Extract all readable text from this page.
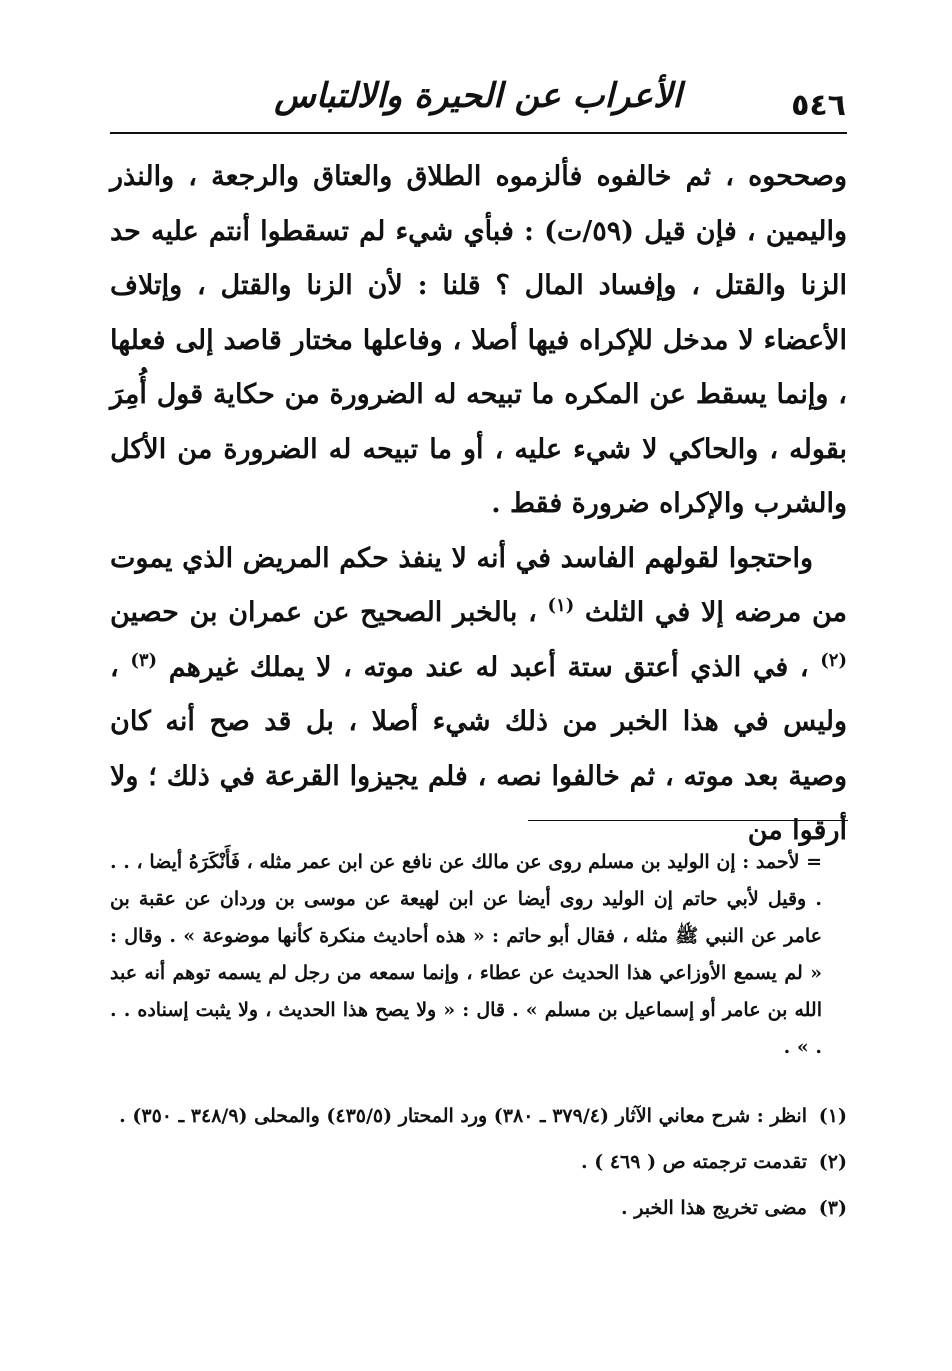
الأعراب عن الحيرة والالتباس	٥٤٦

وصححوه ، ثم خالفوه فألزموه الطلاق والعتاق والرجعة ، والنذر واليمين ، فإن قيل (٥٩/ت) : فبأي شيء لم تسقطوا أنتم عليه حد الزنا والقتل ، وإفساد المال ؟ قلنا : لأن الزنا والقتل ، وإتلاف الأعضاء لا مدخل للإكراه فيها أصلا ، وفاعلها مختار قاصد إلى فعلها ، وإنما يسقط عن المكره ما تبيحه له الضرورة من حكاية قول أُمِرَ بقوله ، والحاكي لا شيء عليه ، أو ما تبيحه له الضرورة من الأكل والشرب والإكراه ضرورة فقط .

واحتجوا لقولهم الفاسد في أنه لا ينفذ حكم المريض الذي يموت من مرضه إلا في الثلث $^{(١)}$ ، بالخبر الصحيح عن عمران بن حصين $^{(٢)}$ ، في الذي أعتق ستة أعبد له عند موته ، لا يملك غيرهم $^{(٣)}$ ، وليس في هذا الخبر من ذلك شيء أصلا ، بل قد صح أنه كان وصية بعد موته ، ثم خالفوا نصه ، فلم يجيزوا القرعة في ذلك ؛ ولا أرقوا من

= لأحمد : إن الوليد بن مسلم روى عن مالك عن نافع عن ابن عمر مثله ، فَأَنْكَرَهُ أيضا ، . . . وقيل لأبي حاتم إن الوليد روى أيضا عن ابن لهيعة عن موسى بن وردان عن عقبة بن عامر عن النبي ﷺ مثله ، فقال أبو حاتم : « هذه أحاديث منكرة كأنها موضوعة » . وقال : « لم يسمع الأوزاعي هذا الحديث عن عطاء ، وإنما سمعه من رجل لم يسمه توهم أنه عبد الله بن عامر أو إسماعيل بن مسلم » . قال : « ولا يصح هذا الحديث ، ولا يثبت إسناده . . . » .
(١)
انظر : شرح معاني الآثار (٣٧٩/٤ ـ ٣٨٠) ورد المحتار (٤٣٥/٥) والمحلى (٣٤٨/٩ ـ ٣٥٠) .
(٢)
تقدمت ترجمته ص ( ٤٦٩ ) .
(٣)
مضى تخريج هذا الخبر .
